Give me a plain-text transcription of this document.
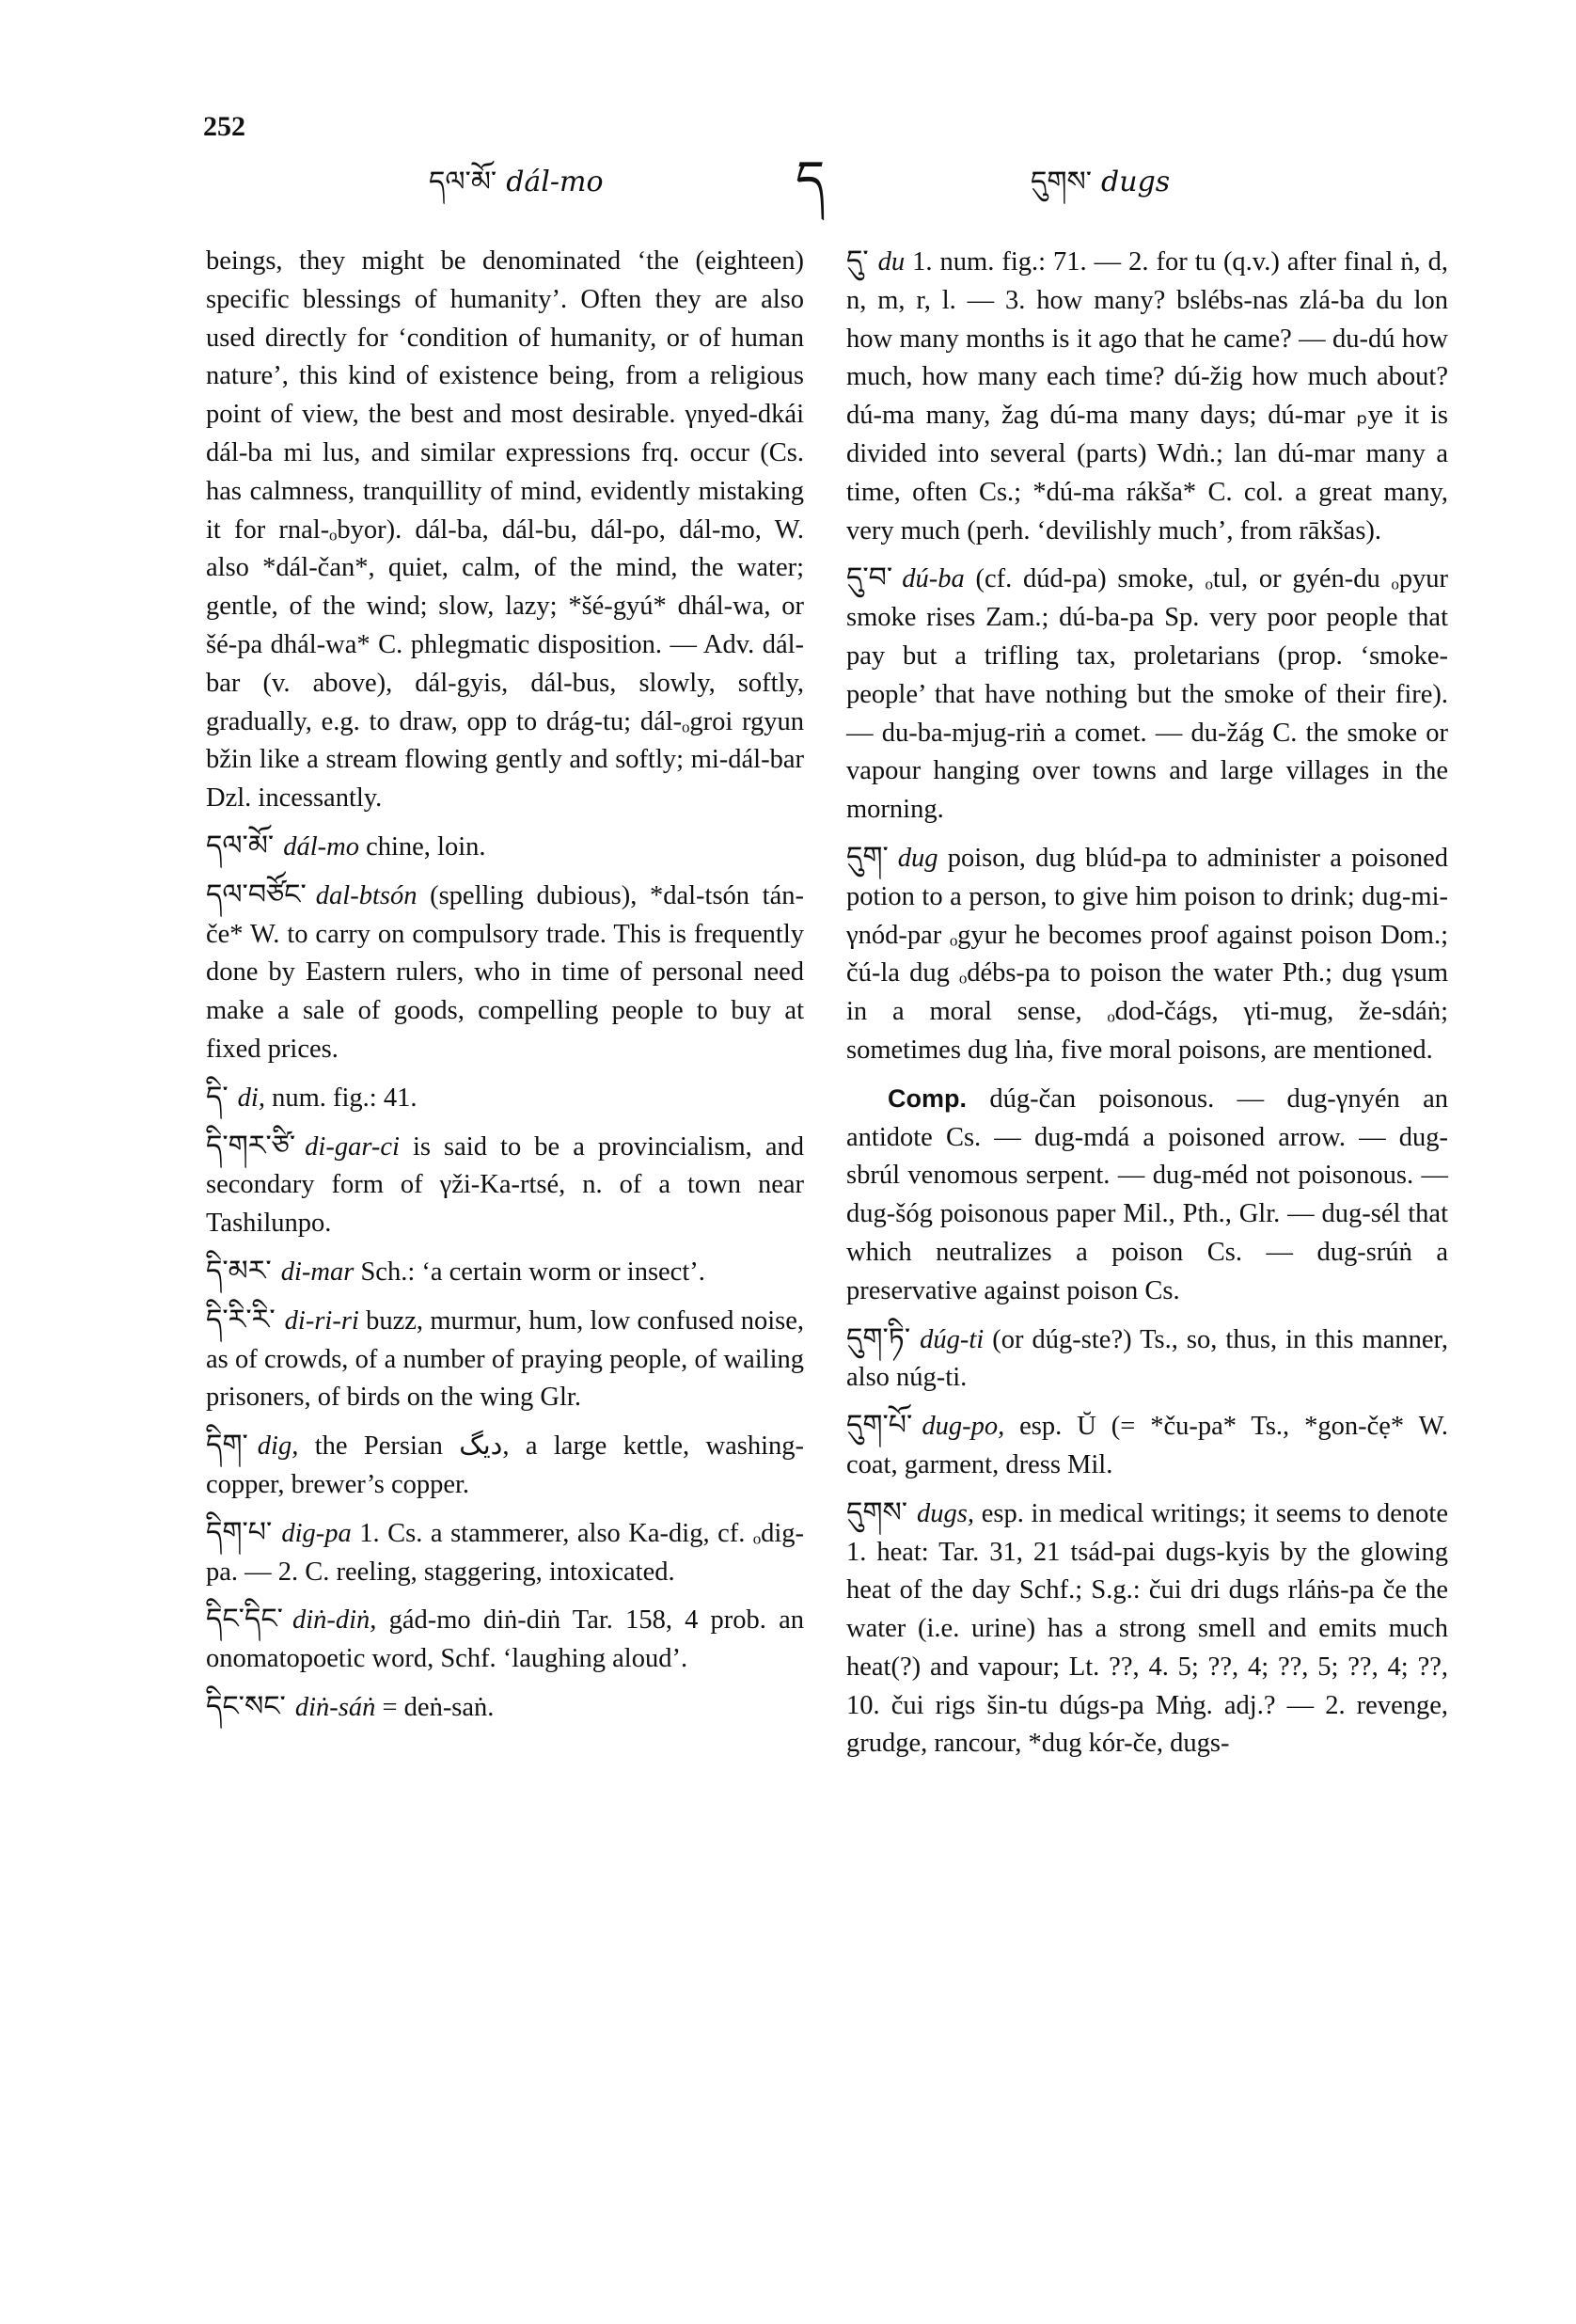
252
དལ་མོ་ dál-mo	ད	དུགས་ dugs

beings, they might be denominated ‘the (eighteen) specific blessings of humanity’. Often they are also used directly for ‘condition of humanity, or of human nature’, this kind of existence being, from a religious point of view, the best and most desirable. γnyed-dkái dál-ba mi lus, and similar expressions frq. occur (Cs. has calmness, tranquillity of mind, evidently mistaking it for rnal-ₒbyor). dál-ba, dál-bu, dál-po, dál-mo, W. also *dál-čan*, quiet, calm, of the mind, the water; gentle, of the wind; slow, lazy; *šé-gyú* dhál-wa, or šé-pa dhál-wa* C. phlegmatic disposition. — Adv. dál-bar (v. above), dál-gyis, dál-bus, slowly, softly, gradually, e.g. to draw, opp to drág-tu; dál-ₒgroi rgyun bžin like a stream flowing gently and softly; mi-dál-bar Dzl. incessantly.

དལ་མོ་ dál-mo chine, loin.

དལ་བཙོང་ dal-btsón (spelling dubious), *dal-tsón tán-če* W. to carry on compulsory trade. This is frequently done by Eastern rulers, who in time of personal need make a sale of goods, compelling people to buy at fixed prices.

དི་ di, num. fig.: 41.

དི་གར་ཙི་ di-gar-ci is said to be a provincialism, and secondary form of γži-Ka-rtsé, n. of a town near Tashilunpo.

དི་མར་ di-mar Sch.: ‘a certain worm or insect’.

དི་རི་རི་ di-ri-ri buzz, murmur, hum, low confused noise, as of crowds, of a number of praying people, of wailing prisoners, of birds on the wing Glr.

དིག་ dig, the Persian دیگ, a large kettle, washing-copper, brewer’s copper.

དིག་པ་ dig-pa 1. Cs. a stammerer, also Ka-dig, cf. ₒdig-pa. — 2. C. reeling, staggering, intoxicated.

དིང་དིང་ diṅ-diṅ, gád-mo diṅ-diṅ Tar. 158, 4 prob. an onomatopoetic word, Schf. ‘laughing aloud’.

དིང་སང་ diṅ-sáṅ = deṅ-saṅ.

དུ་ du 1. num. fig.: 71. — 2. for tu (q.v.) after final ṅ, d, n, m, r, l. — 3. how many? bslébs-nas zlá-ba du lon how many months is it ago that he came? — du-dú how much, how many each time? dú-žig how much about? dú-ma many, žag dú-ma many days; dú-mar ₚye it is divided into several (parts) Wdṅ.; lan dú-mar many a time, often Cs.; *dú-ma rákša* C. col. a great many, very much (perh. ‘devilishly much’, from rākšas).

དུ་བ་ dú-ba (cf. dúd-pa) smoke, ₒtul, or gyén-du ₒpyur smoke rises Zam.; dú-ba-pa Sp. very poor people that pay but a trifling tax, proletarians (prop. ‘smoke-people’ that have nothing but the smoke of their fire). — du-ba-mjug-riṅ a comet. — du-žág C. the smoke or vapour hanging over towns and large villages in the morning.

དུག་ dug poison, dug blúd-pa to administer a poisoned potion to a person, to give him poison to drink; dug-mi-γnód-par ₒgyur he becomes proof against poison Dom.; čú-la dug ₒdébs-pa to poison the water Pth.; dug γsum in a moral sense, ₒdod-čágs, γti-mug, že-sdáṅ; sometimes dug lṅa, five moral poisons, are mentioned.

Comp. dúg-čan poisonous. — dug-γnyén an antidote Cs. — dug-mdá a poisoned arrow. — dug-sbrúl venomous serpent. — dug-méd not poisonous. — dug-šóg poisonous paper Mil., Pth., Glr. — dug-sél that which neutralizes a poison Cs. — dug-srúṅ a preservative against poison Cs.

དུག་ཏི་ dúg-ti (or dúg-ste?) Ts., so, thus, in this manner, also núg-ti.

དུག་པོ་ dug-po, esp. Ŭ (= *ču-pa* Ts., *gon-čẹ* W. coat, garment, dress Mil.

དུགས་ dugs, esp. in medical writings; it seems to denote 1. heat: Tar. 31, 21 tsád-pai dugs-kyis by the glowing heat of the day Schf.; S.g.: čui dri dugs rláṅs-pa če the water (i.e. urine) has a strong smell and emits much heat(?) and vapour; Lt. ??, 4. 5; ??, 4; ??, 5; ??, 4; ??, 10. čui rigs šin-tu dúgs-pa Mṅg. adj.? — 2. revenge, grudge, rancour, *dug kór-če, dugs-
